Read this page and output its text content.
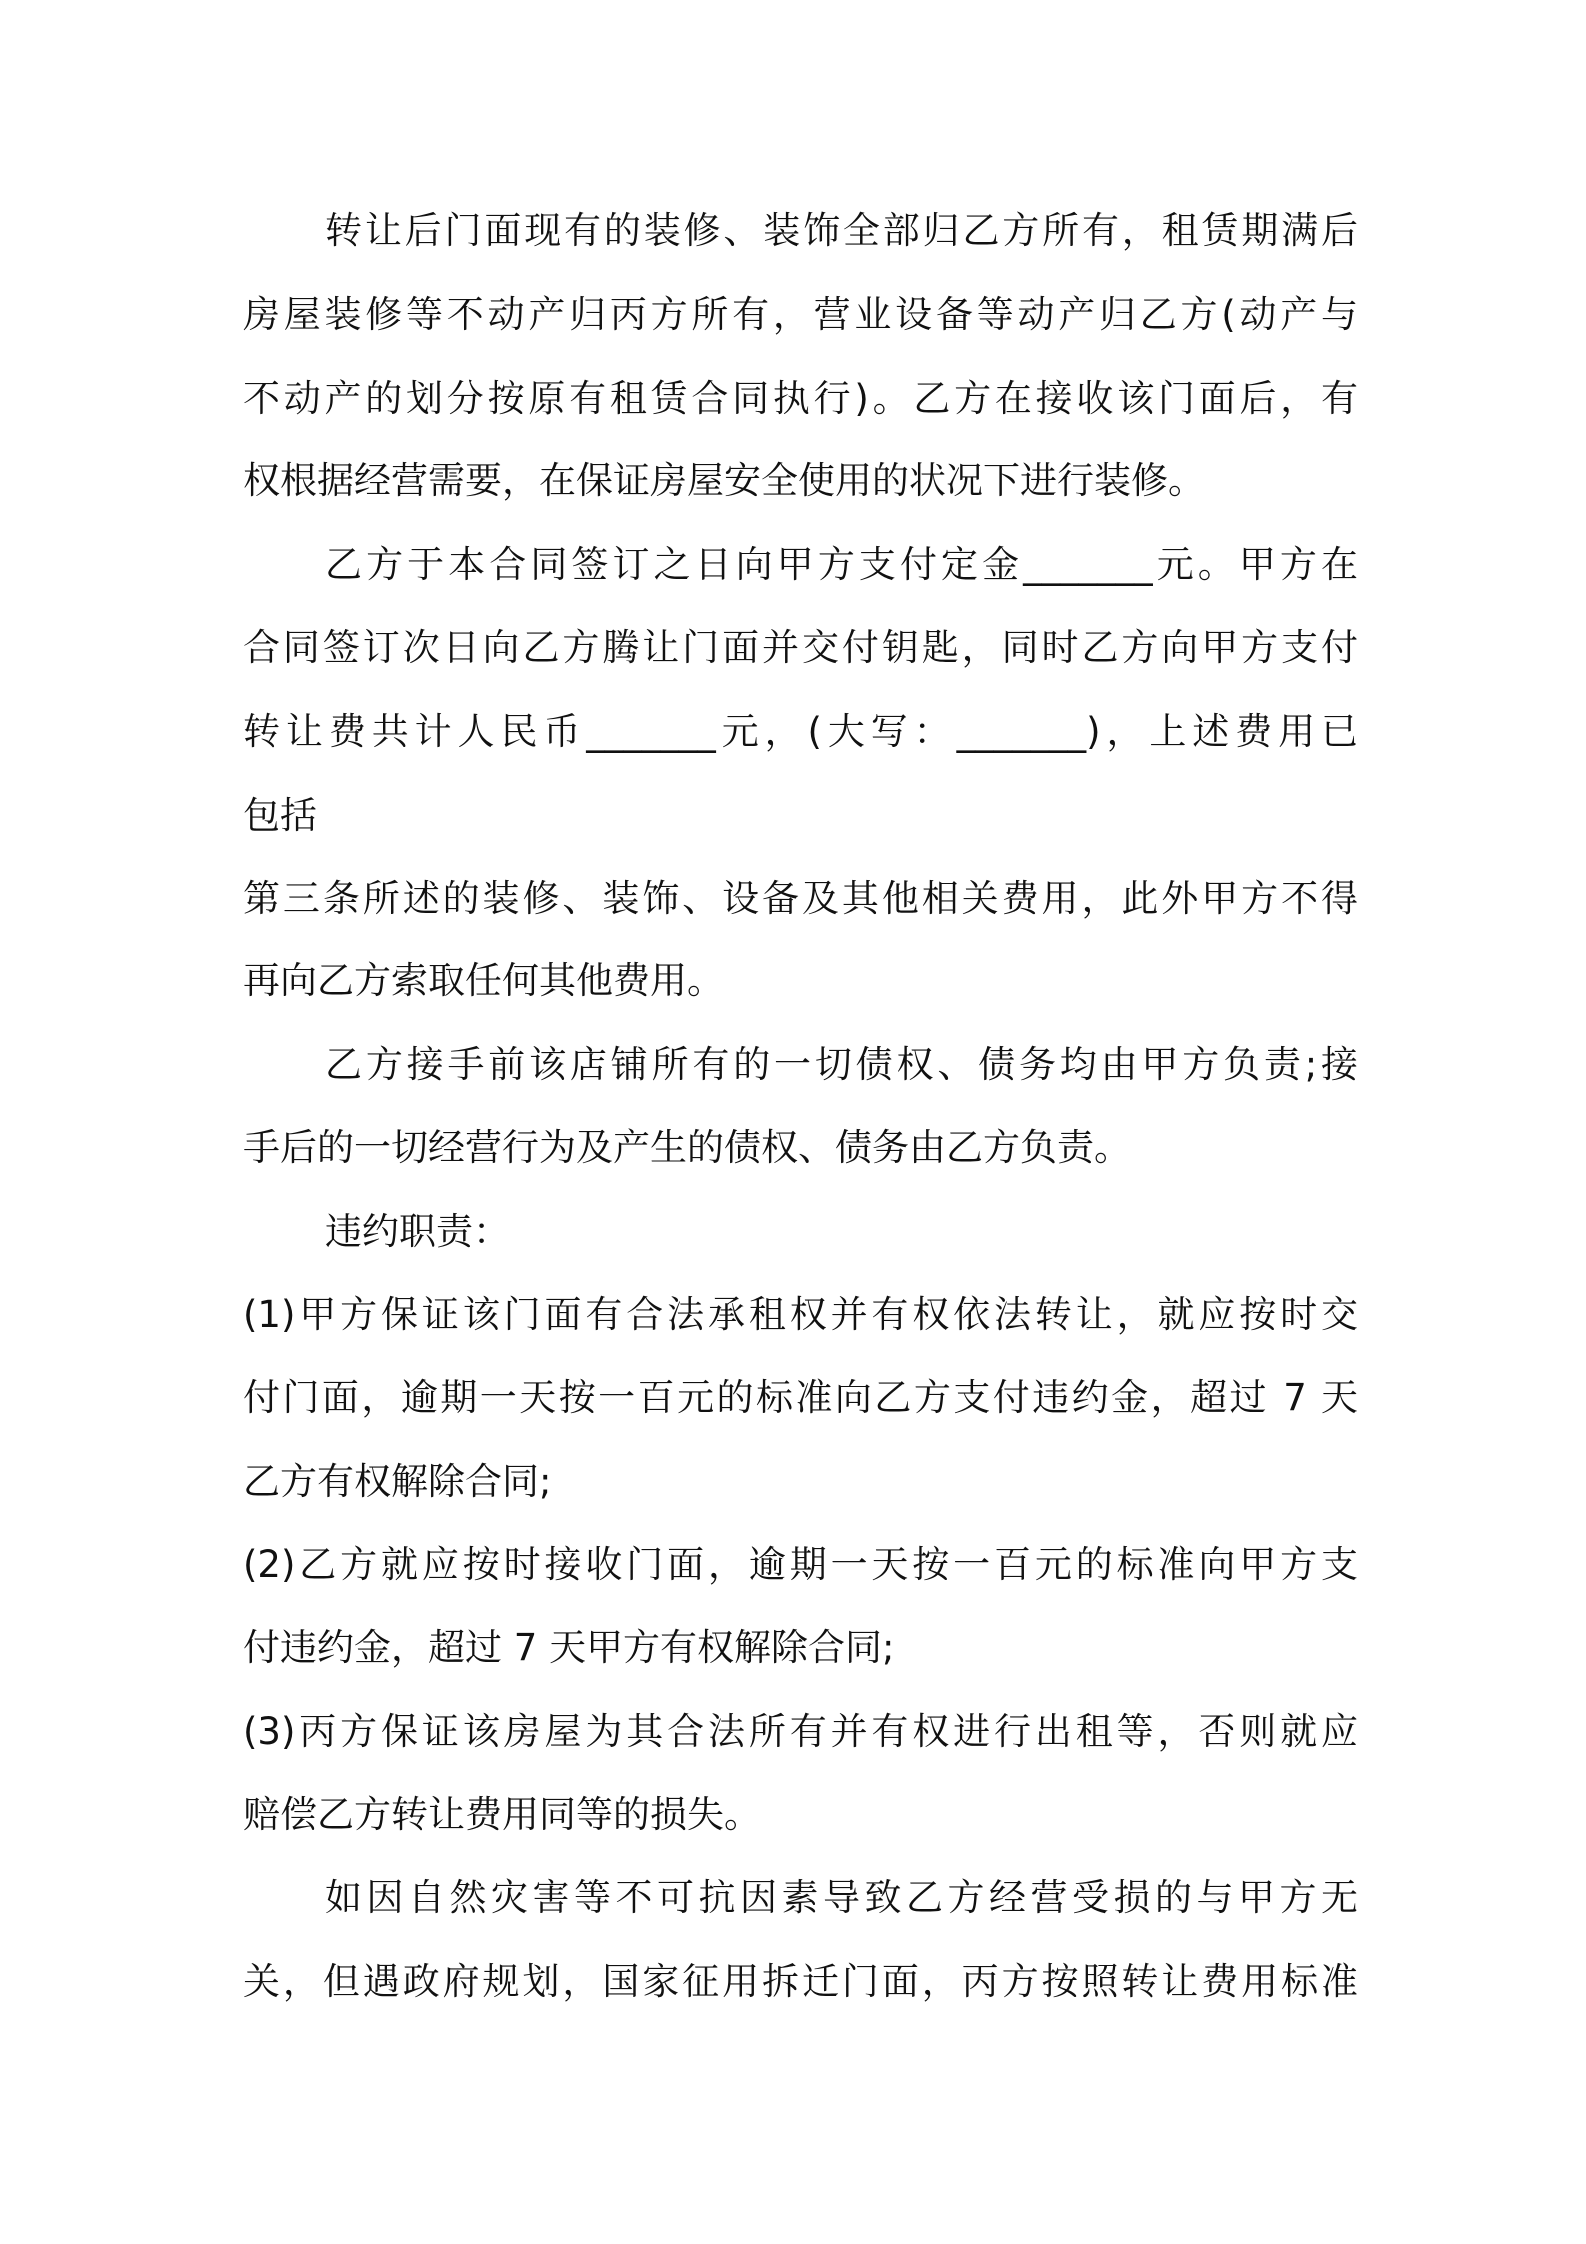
转让后门面现有的装修、装饰全部归乙方所有，租赁期满后
房屋装修等不动产归丙方所有，营业设备等动产归乙方(动产与
不动产的划分按原有租赁合同执行)。乙方在接收该门面后，有
权根据经营需要，在保证房屋安全使用的状况下进行装修。
乙方于本合同签订之日向甲方支付定金_______元。甲方在
合同签订次日向乙方腾让门面并交付钥匙，同时乙方向甲方支付
转让费共计人民币_______元，(大写：_______)，上述费用已
包括
第三条所述的装修、装饰、设备及其他相关费用，此外甲方不得
再向乙方索取任何其他费用。
乙方接手前该店铺所有的一切债权、债务均由甲方负责;接
手后的一切经营行为及产生的债权、债务由乙方负责。
违约职责：
(1)甲方保证该门面有合法承租权并有权依法转让，就应按时交
付门面，逾期一天按一百元的标准向乙方支付违约金，超过 7 天
乙方有权解除合同;
(2)乙方就应按时接收门面，逾期一天按一百元的标准向甲方支
付违约金，超过 7 天甲方有权解除合同;
(3)丙方保证该房屋为其合法所有并有权进行出租等，否则就应
赔偿乙方转让费用同等的损失。
如因自然灾害等不可抗因素导致乙方经营受损的与甲方无
关，但遇政府规划，国家征用拆迁门面，丙方按照转让费用标准
